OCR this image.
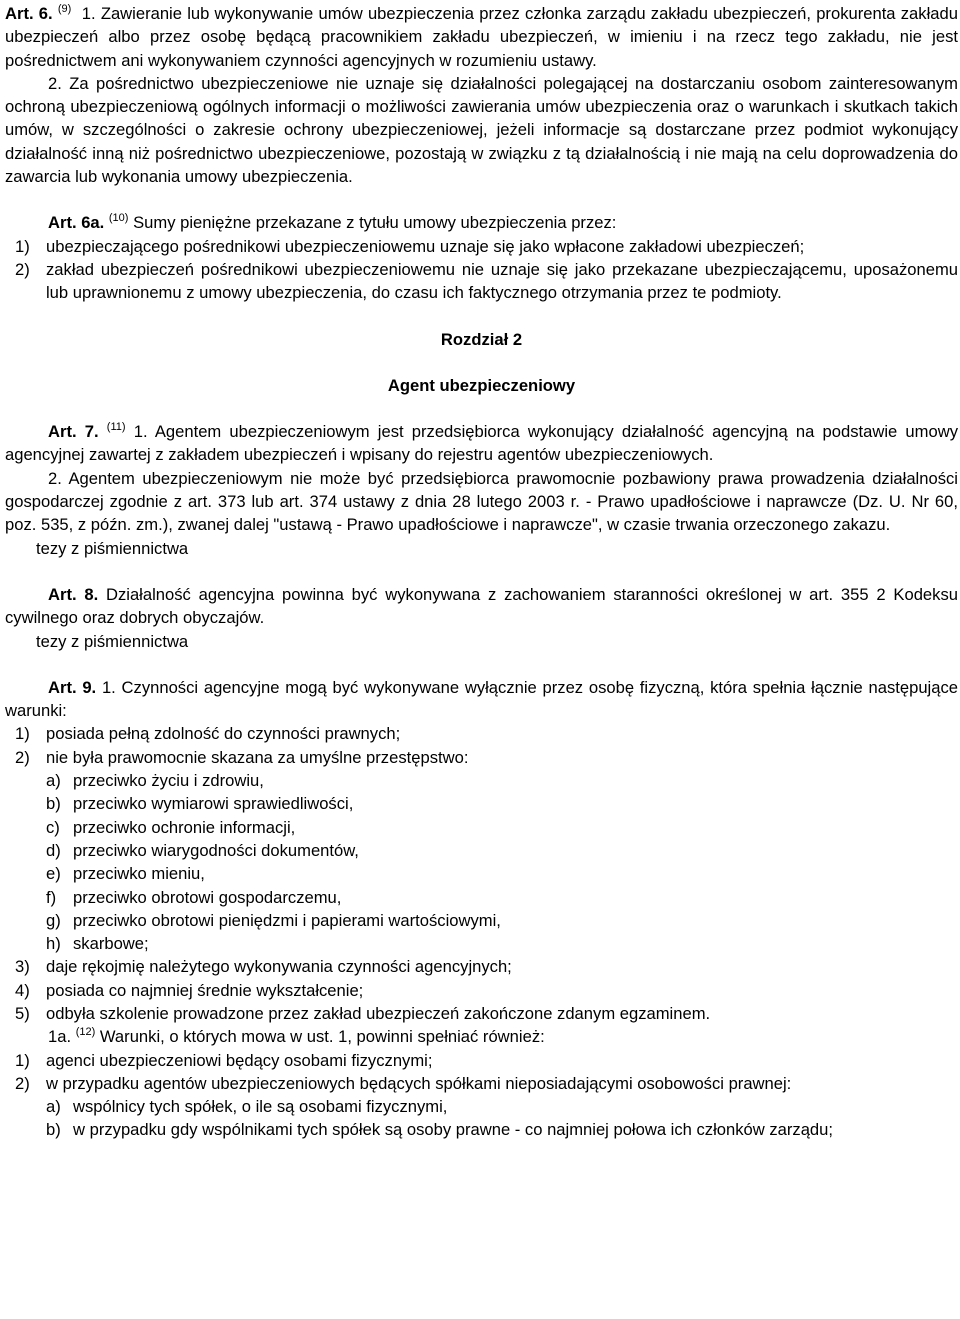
Art. 6. $^{(9)}$ 1. Zawieranie lub wykonywanie umów ubezpieczenia przez członka zarządu zakładu ubezpieczeń, prokurenta zakładu ubezpieczeń albo przez osobę będącą pracownikiem zakładu ubezpieczeń, w imieniu i na rzecz tego zakładu, nie jest pośrednictwem ani wykonywaniem czynności agencyjnych w rozumieniu ustawy.

2. Za pośrednictwo ubezpieczeniowe nie uznaje się działalności polegającej na dostarczaniu osobom zainteresowanym ochroną ubezpieczeniową ogólnych informacji o możliwości zawierania umów ubezpieczenia oraz o warunkach i skutkach takich umów, w szczególności o zakresie ochrony ubezpieczeniowej, jeżeli informacje są dostarczane przez podmiot wykonujący działalność inną niż pośrednictwo ubezpieczeniowe, pozostają w związku z tą działalnością i nie mają na celu doprowadzenia do zawarcia lub wykonania umowy ubezpieczenia.

Art. 6a. $^{(10)}$ Sumy pieniężne przekazane z tytułu umowy ubezpieczenia przez:

1) ubezpieczającego pośrednikowi ubezpieczeniowemu uznaje się jako wpłacone zakładowi ubezpieczeń;
2) zakład ubezpieczeń pośrednikowi ubezpieczeniowemu nie uznaje się jako przekazane ubezpieczającemu, uposażonemu lub uprawnionemu z umowy ubezpieczenia, do czasu ich faktycznego otrzymania przez te podmioty.

Rozdział 2

Agent ubezpieczeniowy

Art. 7. $^{(11)}$ 1. Agentem ubezpieczeniowym jest przedsiębiorca wykonujący działalność agencyjną na podstawie umowy agencyjnej zawartej z zakładem ubezpieczeń i wpisany do rejestru agentów ubezpieczeniowych.

2. Agentem ubezpieczeniowym nie może być przedsiębiorca prawomocnie pozbawiony prawa prowadzenia działalności gospodarczej zgodnie z art. 373 lub art. 374 ustawy z dnia 28 lutego 2003 r. - Prawo upadłościowe i naprawcze (Dz. U. Nr 60, poz. 535, z późn. zm.), zwanej dalej "ustawą - Prawo upadłościowe i naprawcze", w czasie trwania orzeczonego zakazu.

tezy z piśmiennictwa

Art. 8. Działalność agencyjna powinna być wykonywana z zachowaniem staranności określonej w art. 355 2 Kodeksu cywilnego oraz dobrych obyczajów.

tezy z piśmiennictwa

Art. 9. 1. Czynności agencyjne mogą być wykonywane wyłącznie przez osobę fizyczną, która spełnia łącznie następujące warunki:

1) posiada pełną zdolność do czynności prawnych;
2) nie była prawomocnie skazana za umyślne przestępstwo:
a) przeciwko życiu i zdrowiu,
b) przeciwko wymiarowi sprawiedliwości,
c) przeciwko ochronie informacji,
d) przeciwko wiarygodności dokumentów,
e) przeciwko mieniu,
f) przeciwko obrotowi gospodarczemu,
g) przeciwko obrotowi pieniędzmi i papierami wartościowymi,
h) skarbowe;
3) daje rękojmię należytego wykonywania czynności agencyjnych;
4) posiada co najmniej średnie wykształcenie;
5) odbyła szkolenie prowadzone przez zakład ubezpieczeń zakończone zdanym egzaminem.

1a. $^{(12)}$ Warunki, o których mowa w ust. 1, powinni spełniać również:

1) agenci ubezpieczeniowi będący osobami fizycznymi;
2) w przypadku agentów ubezpieczeniowych będących spółkami nieposiadającymi osobowości prawnej:
a) wspólnicy tych spółek, o ile są osobami fizycznymi,
b) w przypadku gdy wspólnikami tych spółek są osoby prawne - co najmniej połowa ich członków zarządu;
